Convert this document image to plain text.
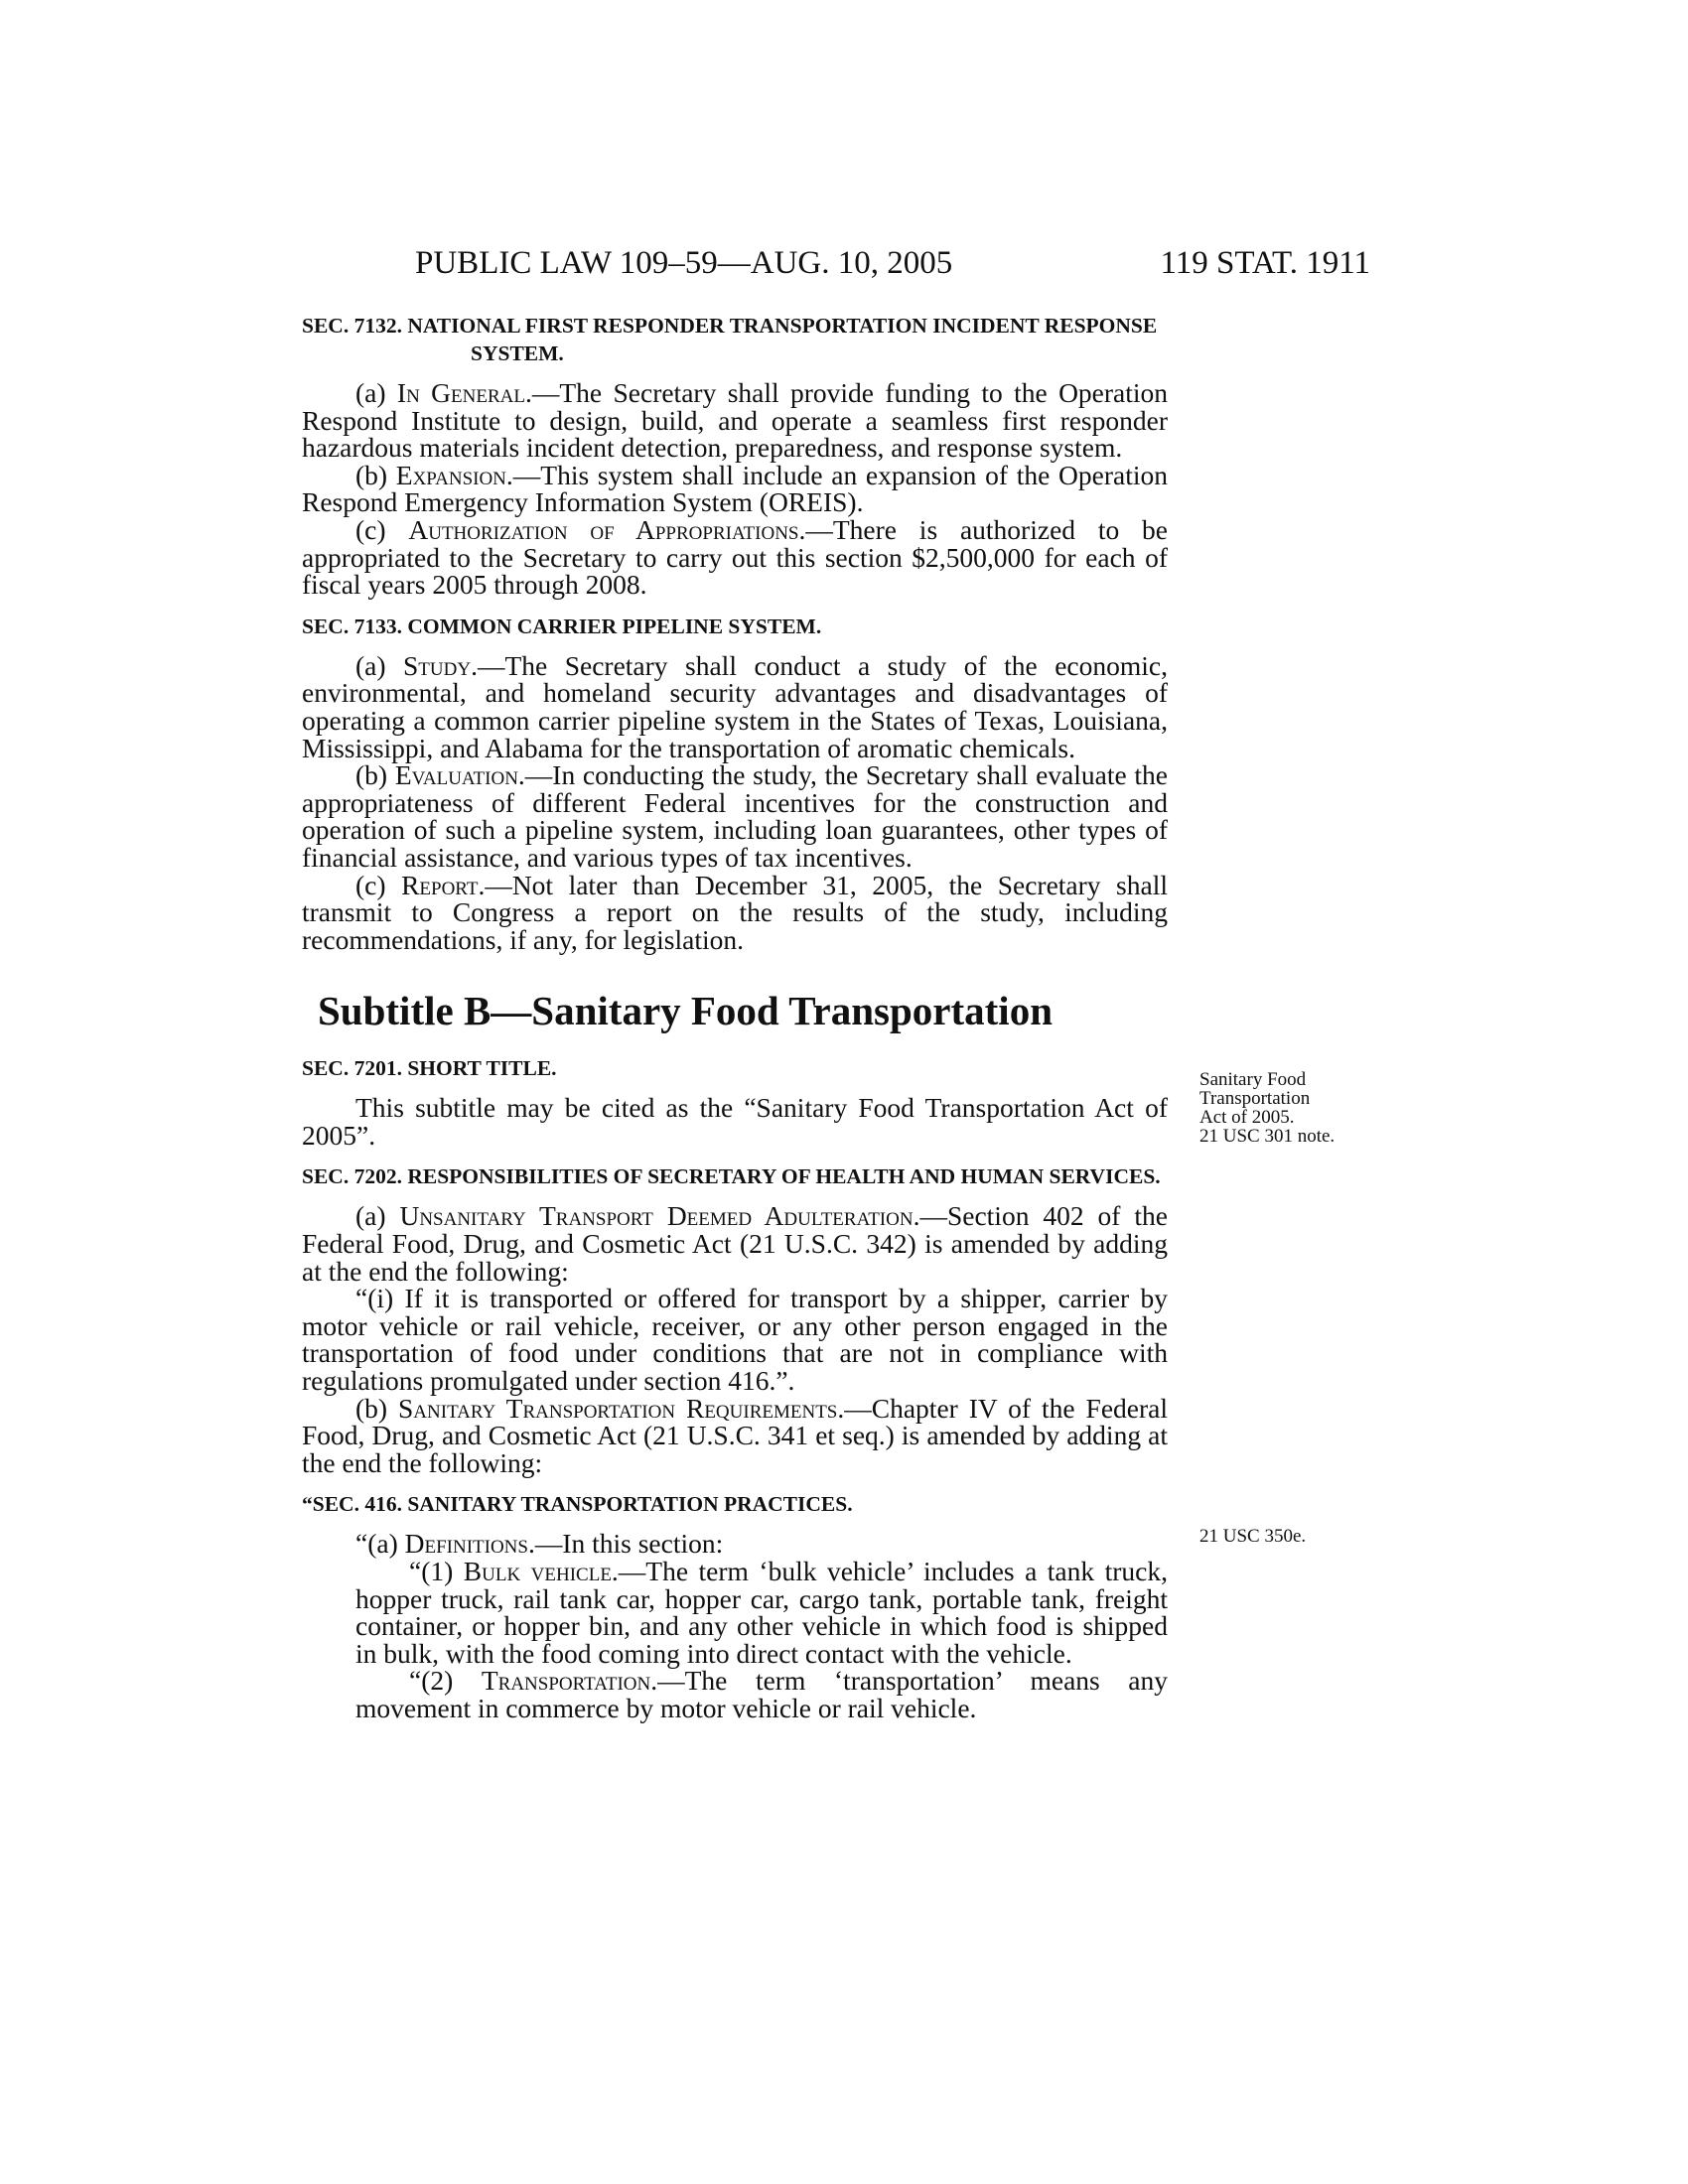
PUBLIC LAW 109–59—AUG. 10, 2005	119 STAT. 1911
SEC. 7132. NATIONAL FIRST RESPONDER TRANSPORTATION INCIDENT RESPONSE SYSTEM.

(a) In General.—The Secretary shall provide funding to the Operation Respond Institute to design, build, and operate a seamless first responder hazardous materials incident detection, preparedness, and response system.

(b) Expansion.—This system shall include an expansion of the Operation Respond Emergency Information System (OREIS).

(c) Authorization of Appropriations.—There is authorized to be appropriated to the Secretary to carry out this section $2,500,000 for each of fiscal years 2005 through 2008.

SEC. 7133. COMMON CARRIER PIPELINE SYSTEM.

(a) Study.—The Secretary shall conduct a study of the economic, environmental, and homeland security advantages and disadvantages of operating a common carrier pipeline system in the States of Texas, Louisiana, Mississippi, and Alabama for the transportation of aromatic chemicals.

(b) Evaluation.—In conducting the study, the Secretary shall evaluate the appropriateness of different Federal incentives for the construction and operation of such a pipeline system, including loan guarantees, other types of financial assistance, and various types of tax incentives.

(c) Report.—Not later than December 31, 2005, the Secretary shall transmit to Congress a report on the results of the study, including recommendations, if any, for legislation.

Subtitle B—Sanitary Food Transportation
SEC. 7201. SHORT TITLE.

This subtitle may be cited as the “Sanitary Food Transportation Act of 2005”.

SEC. 7202. RESPONSIBILITIES OF SECRETARY OF HEALTH AND HUMAN SERVICES.

(a) Unsanitary Transport Deemed Adulteration.—Section 402 of the Federal Food, Drug, and Cosmetic Act (21 U.S.C. 342) is amended by adding at the end the following:

“(i) If it is transported or offered for transport by a shipper, carrier by motor vehicle or rail vehicle, receiver, or any other person engaged in the transportation of food under conditions that are not in compliance with regulations promulgated under section 416.”.

(b) Sanitary Transportation Requirements.—Chapter IV of the Federal Food, Drug, and Cosmetic Act (21 U.S.C. 341 et seq.) is amended by adding at the end the following:

“SEC. 416. SANITARY TRANSPORTATION PRACTICES.

“(a) Definitions.—In this section:

“(1) Bulk vehicle.—The term ‘bulk vehicle’ includes a tank truck, hopper truck, rail tank car, hopper car, cargo tank, portable tank, freight container, or hopper bin, and any other vehicle in which food is shipped in bulk, with the food coming into direct contact with the vehicle.

“(2) Transportation.—The term ‘transportation’ means any movement in commerce by motor vehicle or rail vehicle.

Sanitary Food
Transportation
Act of 2005.
21 USC 301 note.
21 USC 350e.
